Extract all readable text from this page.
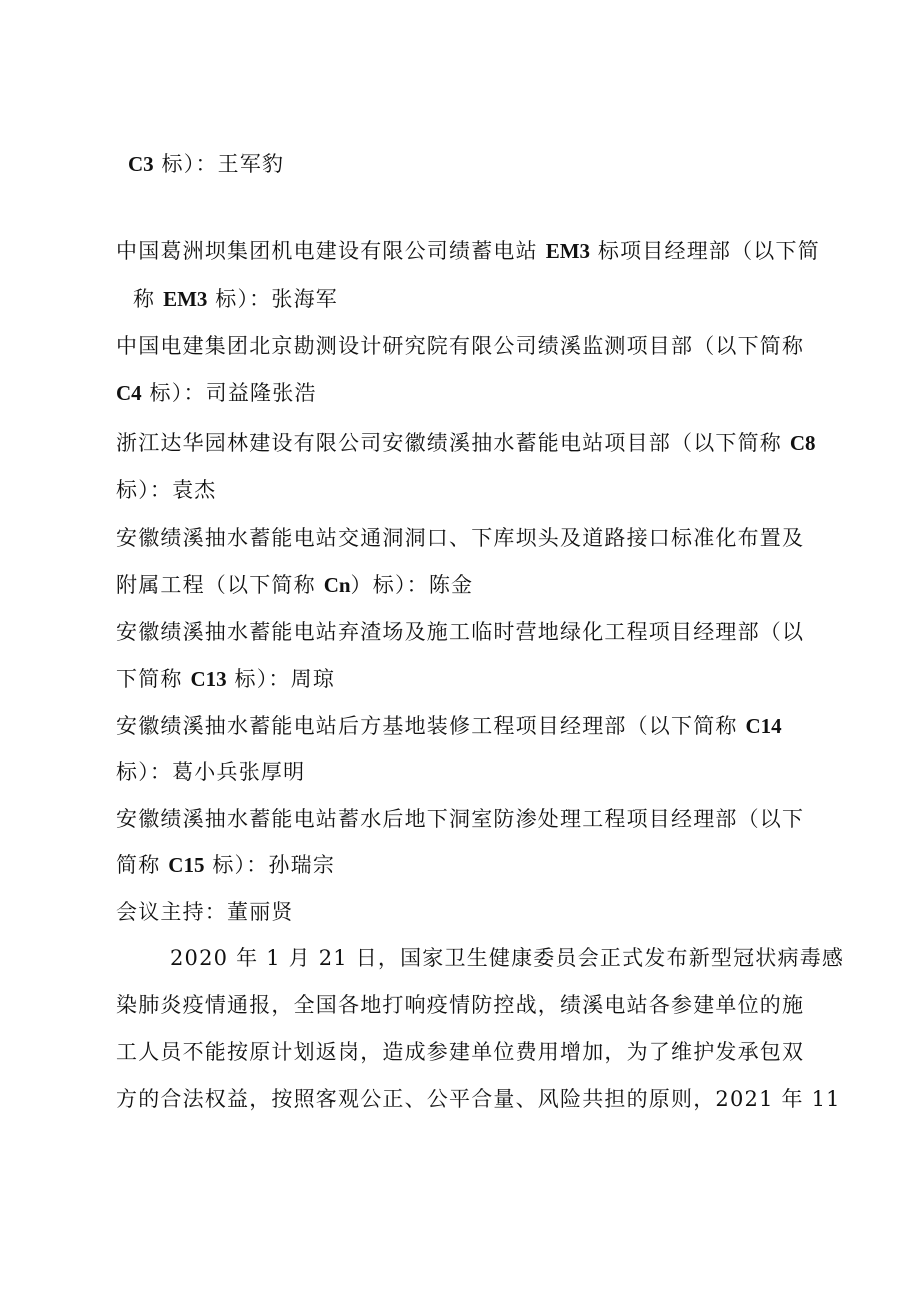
C3 标）：王军豹
中国葛洲坝集团机电建设有限公司绩蓄电站 EM3 标项目经理部（以下简
称 EM3 标）：张海军
中国电建集团北京勘测设计研究院有限公司绩溪监测项目部（以下简称
C4 标）：司益隆张浩
浙江达华园林建设有限公司安徽绩溪抽水蓄能电站项目部（以下简称 C8
标）：袁杰
安徽绩溪抽水蓄能电站交通洞洞口、下库坝头及道路接口标准化布置及
附属工程（以下简称 Cn）标）：陈金
安徽绩溪抽水蓄能电站弃渣场及施工临时营地绿化工程项目经理部（以
下简称 C13 标）：周琼
安徽绩溪抽水蓄能电站后方基地装修工程项目经理部（以下简称 C14
标）：葛小兵张厚明
安徽绩溪抽水蓄能电站蓄水后地下洞室防渗处理工程项目经理部（以下
简称 C15 标）：孙瑞宗
会议主持：董丽贤
2020 年 1 月 21 日，国家卫生健康委员会正式发布新型冠状病毒感
染肺炎疫情通报，全国各地打响疫情防控战，绩溪电站各参建单位的施
工人员不能按原计划返岗，造成参建单位费用增加，为了维护发承包双
方的合法权益，按照客观公正、公平合量、风险共担的原则，2021 年 11
